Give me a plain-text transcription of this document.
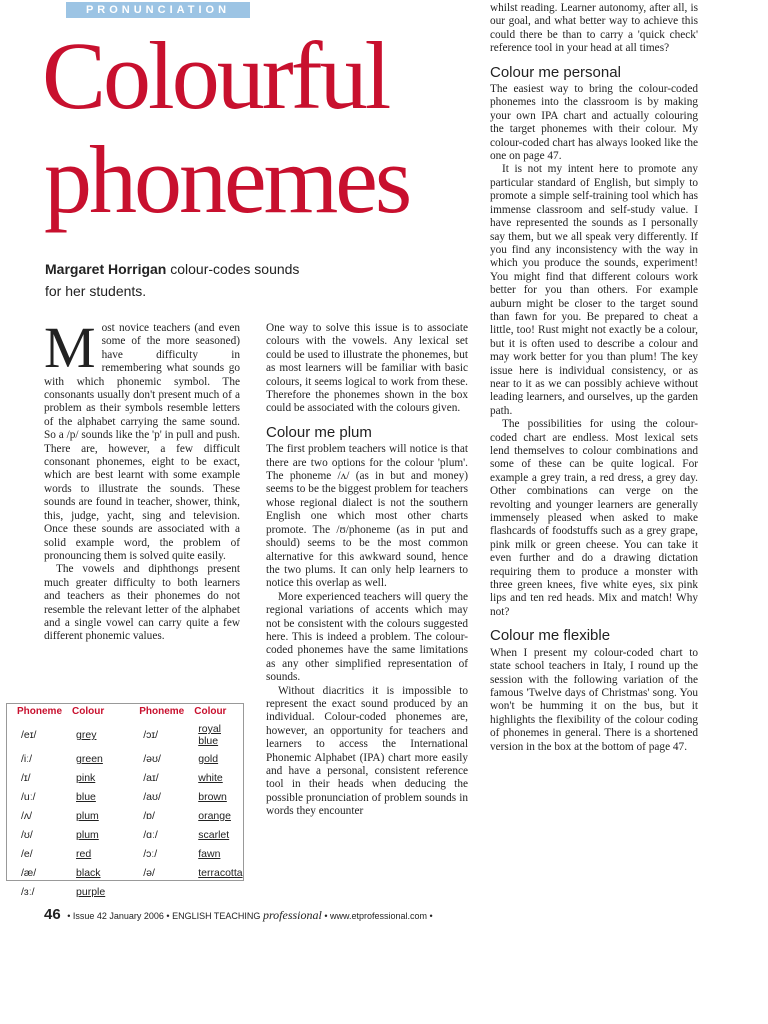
PRONUNCIATION
Colourful
phonemes
Margaret Horrigan colour-codes sounds
for her students.
M ost novice teachers (and even some of the more seasoned) have difficulty in remembering what sounds go with which phonemic symbol. The consonants usually don't present much of a problem as their symbols resemble letters of the alphabet carrying the same sound. So a /p/ sounds like the 'p' in pull and push. There are, however, a few difficult consonant phonemes, eight to be exact, which are best learnt with some example words to illustrate the sounds. These sounds are found in teacher, shower, think, this, judge, yacht, sing and television. Once these sounds are associated with a solid example word, the problem of pronouncing them is solved quite easily.

The vowels and diphthongs present much greater difficulty to both learners and teachers as their phonemes do not resemble the relevant letter of the alphabet and a single vowel can carry quite a few different phonemic values.

Phoneme	Colour		Phoneme	Colour
/eɪ/	grey		/ɔɪ/	royal blue
/iː/	green		/əʊ/	gold
/ɪ/	pink		/aɪ/	white
/uː/	blue		/aʊ/	brown
/ʌ/	plum		/ɒ/	orange
/ʊ/	plum		/ɑː/	scarlet
/e/	red		/ɔː/	fawn
/æ/	black		/ə/	terracotta
/ɜː/	purple			

One way to solve this issue is to associate colours with the vowels. Any lexical set could be used to illustrate the phonemes, but as most learners will be familiar with basic colours, it seems logical to work from these. Therefore the phonemes shown in the box could be associated with the colours given.

Colour me plum

The first problem teachers will notice is that there are two options for the colour 'plum'. The phoneme /ʌ/ (as in but and money) seems to be the biggest problem for teachers whose regional dialect is not the southern English one which most other charts promote. The /ʊ/phoneme (as in put and should) seems to be the most common alternative for this awkward sound, hence the two plums. It can only help learners to notice this overlap as well.

More experienced teachers will query the regional variations of accents which may not be consistent with the colours suggested here. This is indeed a problem. The colour-coded phonemes have the same limitations as any other simplified representation of sounds.

Without diacritics it is impossible to represent the exact sound produced by an individual. Colour-coded phonemes are, however, an opportunity for teachers and learners to access the International Phonemic Alphabet (IPA) chart more easily and have a personal, consistent reference tool in their heads when deducing the possible pronunciation of problem sounds in words they encounter

whilst reading. Learner autonomy, after all, is our goal, and what better way to achieve this could there be than to carry a 'quick check' reference tool in your head at all times?

Colour me personal

The easiest way to bring the colour-coded phonemes into the classroom is by making your own IPA chart and actually colouring the target phonemes with their colour. My colour-coded chart has always looked like the one on page 47.

It is not my intent here to promote any particular standard of English, but simply to promote a simple self-training tool which has immense classroom and self-study value. I have represented the sounds as I personally say them, but we all speak very differently. If you find any inconsistency with the way in which you produce the sounds, experiment! You might find that different colours work better for you than others. For example auburn might be closer to the target sound than fawn for you. Be prepared to cheat a little, too! Rust might not exactly be a colour, but it is often used to describe a colour and may work better for you than plum! The key issue here is individual consistency, or as near to it as we can possibly achieve without leading learners, and ourselves, up the garden path.

The possibilities for using the colour-coded chart are endless. Most lexical sets lend themselves to colour combinations and some of these can be quite logical. For example a grey train, a red dress, a grey day. Other combinations can verge on the revolting and younger learners are generally immensely pleased when asked to make flashcards of foodstuffs such as a grey grape, pink milk or green cheese. You can take it even further and do a drawing dictation requiring them to produce a monster with three green knees, five white eyes, six pink lips and ten red heads. Mix and match! Why not?

Colour me flexible

When I present my colour-coded chart to state school teachers in Italy, I round up the session with the following variation of the famous 'Twelve days of Christmas' song. You won't be humming it on the bus, but it highlights the flexibility of the colour coding of phonemes in general. There is a shortened version in the box at the bottom of page 47.

46 • Issue 42 January 2006 • ENGLISH TEACHING professional • www.etprofessional.com •
